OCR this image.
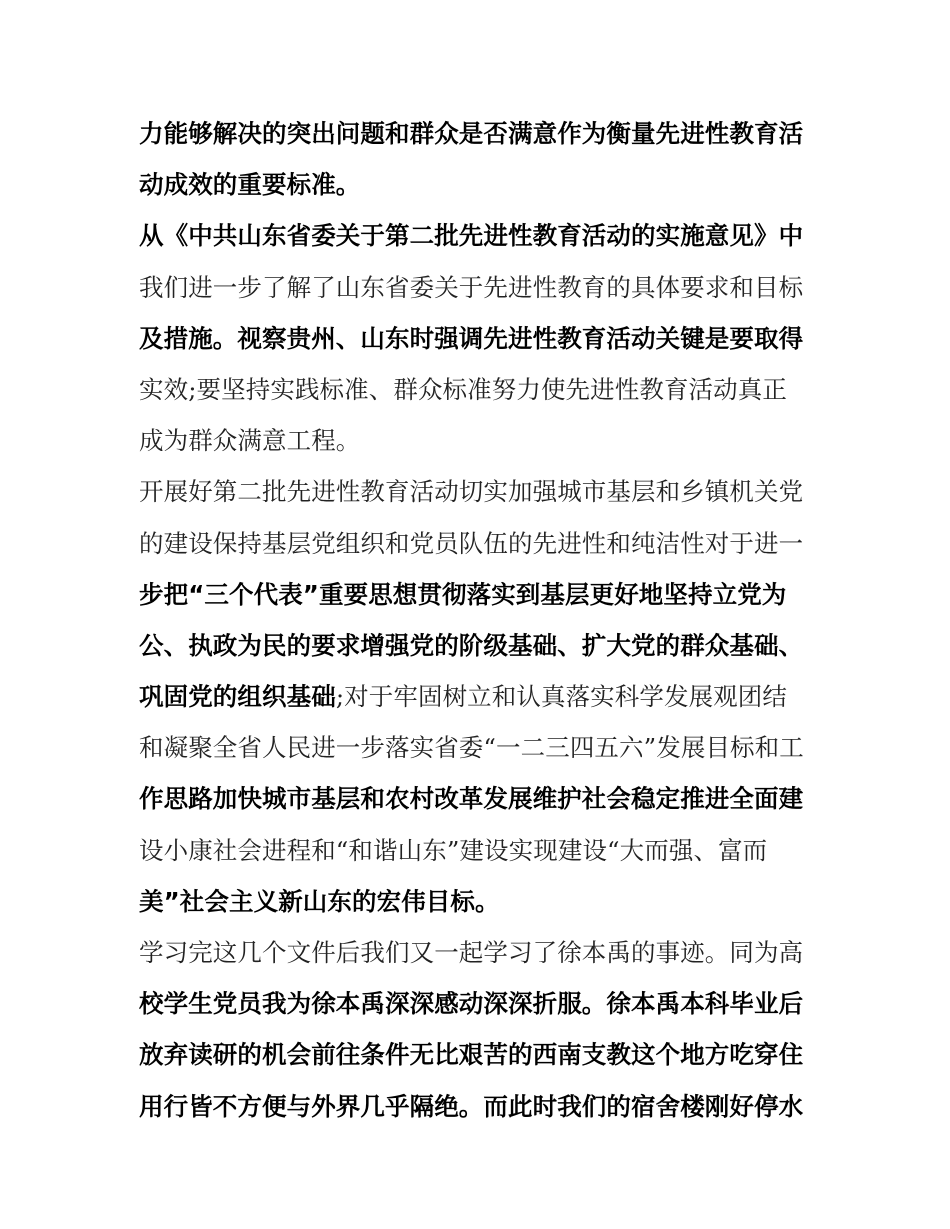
力能够解决的突出问题和群众是否满意作为衡量先进性教育活
动成效的重要标准。
从《中共山东省委关于第二批先进性教育活动的实施意见》中
我们进一步了解了山东省委关于先进性教育的具体要求和目标
及措施。视察贵州、山东时强调先进性教育活动关键是要取得
实效;要坚持实践标准、群众标准努力使先进性教育活动真正
成为群众满意工程。
开展好第二批先进性教育活动切实加强城市基层和乡镇机关党
的建设保持基层党组织和党员队伍的先进性和纯洁性对于进一
步把“三个代表”重要思想贯彻落实到基层更好地坚持立党为
公、执政为民的要求增强党的阶级基础、扩大党的群众基础、
巩固党的组织基础;对于牢固树立和认真落实科学发展观团结
和凝聚全省人民进一步落实省委“一二三四五六”发展目标和工
作思路加快城市基层和农村改革发展维护社会稳定推进全面建
设小康社会进程和“和谐山东”建设实现建设“大而强、富而
美”社会主义新山东的宏伟目标。
学习完这几个文件后我们又一起学习了徐本禹的事迹。同为高
校学生党员我为徐本禹深深感动深深折服。徐本禹本科毕业后
放弃读研的机会前往条件无比艰苦的西南支教这个地方吃穿住
用行皆不方便与外界几乎隔绝。而此时我们的宿舍楼刚好停水
